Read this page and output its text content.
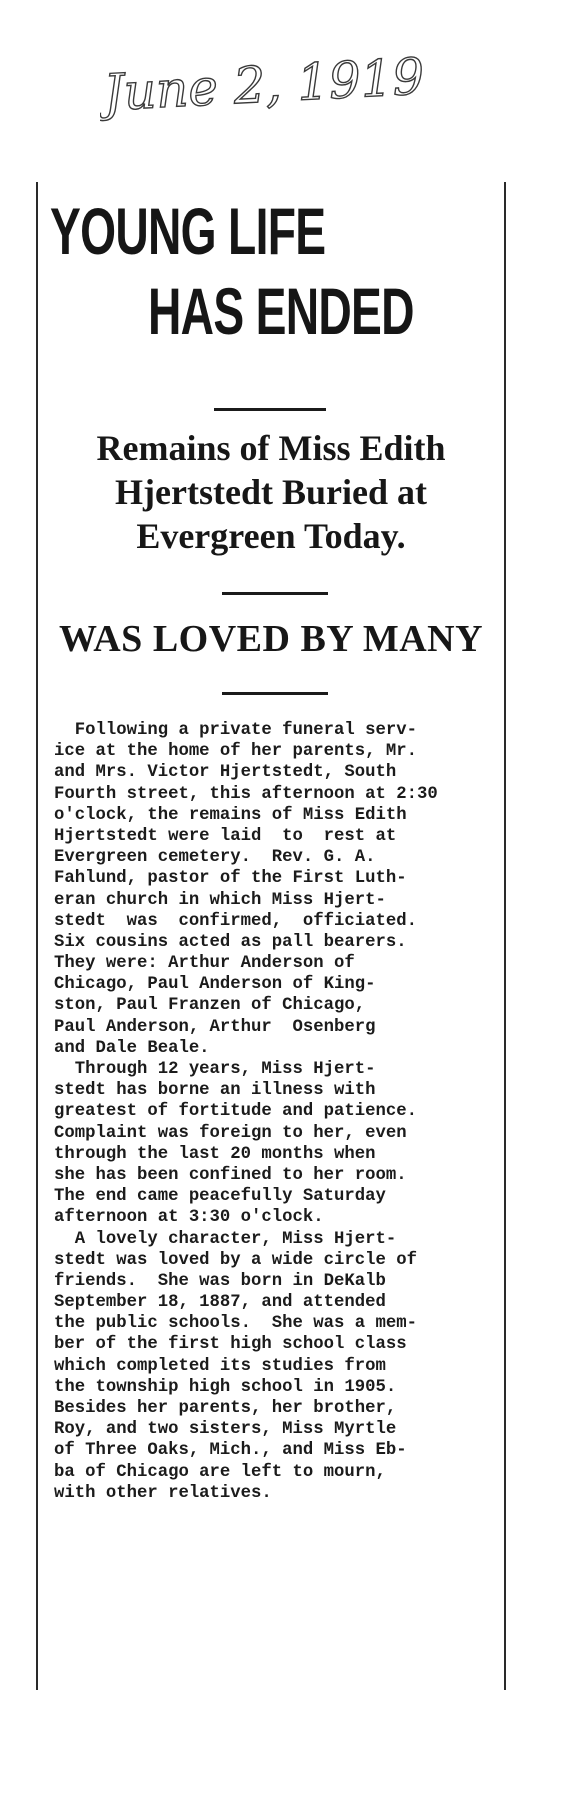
June 2, 1919
YOUNG LIFE
HAS ENDED
Remains of Miss Edith
Hjertstedt Buried at
Evergreen Today.
WAS LOVED BY MANY
Following a private funeral serv-
ice at the home of her parents, Mr.
and Mrs. Victor Hjertstedt, South
Fourth street, this afternoon at 2:30
o'clock, the remains of Miss Edith
Hjertstedt were laid  to  rest at
Evergreen cemetery.  Rev. G. A.
Fahlund, pastor of the First Luth-
eran church in which Miss Hjert-
stedt  was  confirmed,  officiated.
Six cousins acted as pall bearers.
They were: Arthur Anderson of
Chicago, Paul Anderson of King-
ston, Paul Franzen of Chicago,
Paul Anderson, Arthur  Osenberg
and Dale Beale.
Through 12 years, Miss Hjert-
stedt has borne an illness with
greatest of fortitude and patience.
Complaint was foreign to her, even
through the last 20 months when
she has been confined to her room.
The end came peacefully Saturday
afternoon at 3:30 o'clock.
A lovely character, Miss Hjert-
stedt was loved by a wide circle of
friends.  She was born in DeKalb
September 18, 1887, and attended
the public schools.  She was a mem-
ber of the first high school class
which completed its studies from
the township high school in 1905.
Besides her parents, her brother,
Roy, and two sisters, Miss Myrtle
of Three Oaks, Mich., and Miss Eb-
ba of Chicago are left to mourn,
with other relatives.
